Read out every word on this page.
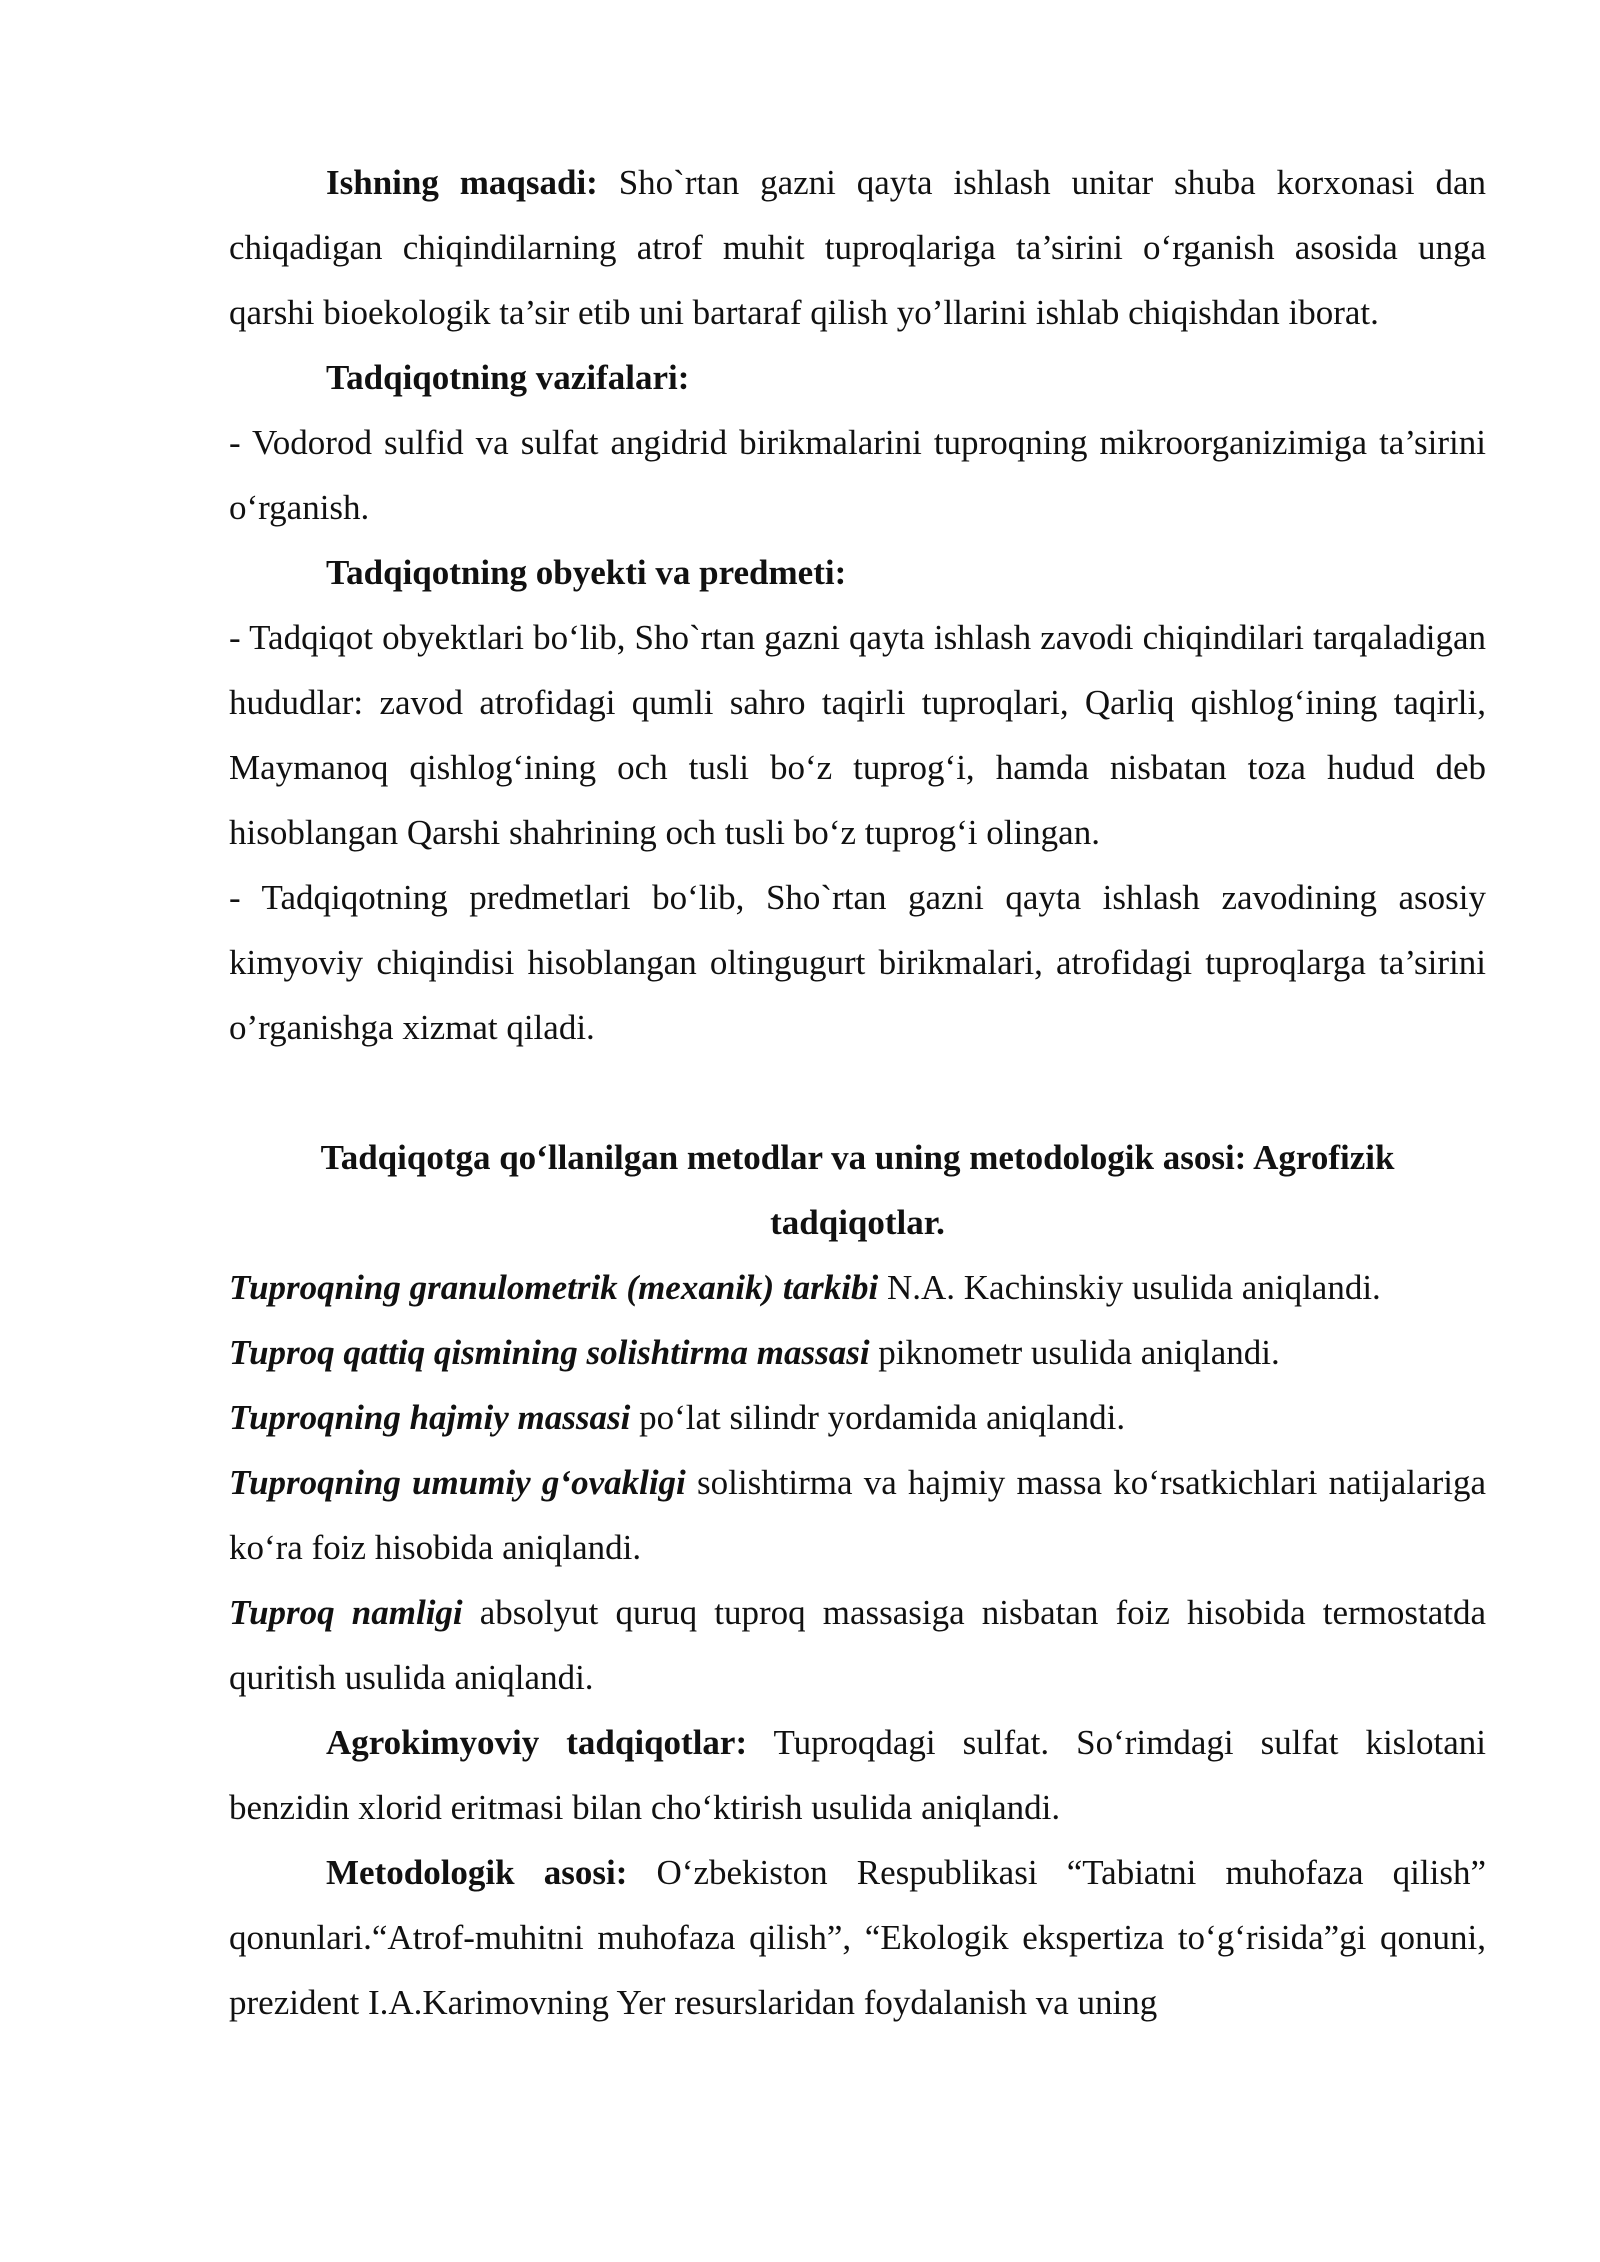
Ishning maqsadi: Sho`rtan gazni qayta ishlash unitar shuba korxonasi dan chiqadigan chiqindilarning atrof muhit tuproqlariga ta’sirini o‘rganish asosida unga qarshi bioekologik ta’sir etib uni bartaraf qilish yo’llarini ishlab chiqishdan iborat.

Tadqiqotning vazifalari:

- Vodorod sulfid va sulfat angidrid birikmalarini tuproqning mikroorganizimiga ta’sirini o‘rganish.

Tadqiqotning obyekti va predmeti:

- Tadqiqot obyektlari bo‘lib, Sho`rtan gazni qayta ishlash zavodi chiqindilari tarqaladigan hududlar: zavod atrofidagi qumli sahro taqirli tuproqlari, Qarliq qishlog‘ining taqirli, Maymanoq qishlog‘ining och tusli bo‘z tuprog‘i, hamda nisbatan toza hudud deb hisoblangan Qarshi shahrining och tusli bo‘z tuprog‘i olingan.

- Tadqiqotning predmetlari bo‘lib, Sho`rtan gazni qayta ishlash zavodining asosiy kimyoviy chiqindisi hisoblangan oltingugurt birikmalari, atrofidagi tuproqlarga ta’sirini o’rganishga xizmat qiladi.

Tadqiqotga qo‘llanilgan metodlar va uning metodologik asosi: Agrofizik

tadqiqotlar.

Tuproqning granulometrik (mexanik) tarkibi N.A. Kachinskiy usulida aniqlandi.

Tuproq qattiq qismining solishtirma massasi piknometr usulida aniqlandi.

Tuproqning hajmiy massasi po‘lat silindr yordamida aniqlandi.

Tuproqning umumiy g‘ovakligi solishtirma va hajmiy massa ko‘rsatkichlari natijalariga ko‘ra foiz hisobida aniqlandi.

Tuproq namligi absolyut quruq tuproq massasiga nisbatan foiz hisobida termostatda quritish usulida aniqlandi.

Agrokimyoviy tadqiqotlar: Tuproqdagi sulfat. So‘rimdagi sulfat kislotani benzidin xlorid eritmasi bilan cho‘ktirish usulida aniqlandi.

Metodologik asosi: O‘zbekiston Respublikasi “Tabiatni muhofaza qilish” qonunlari.“Atrof-muhitni muhofaza qilish”, “Ekologik ekspertiza to‘g‘risida”gi qonuni, prezident I.A.Karimovning Yer resurslaridan foydalanish va uning
